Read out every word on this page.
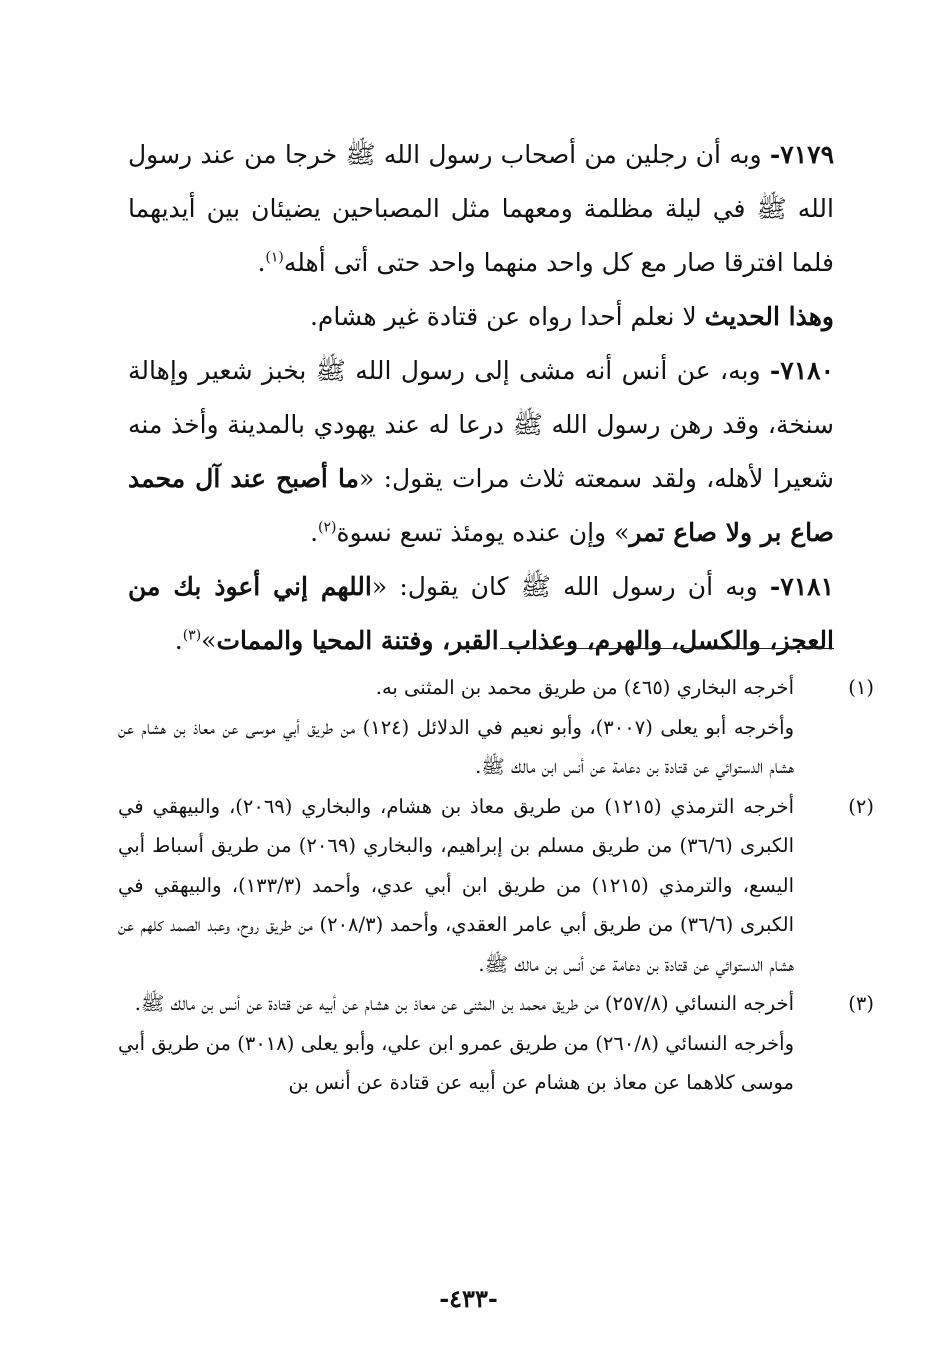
٧١٧٩- وبه أن رجلين من أصحاب رسول الله ﷺ خرجا من عند رسول الله ﷺ في ليلة مظلمة ومعهما مثل المصباحين يضيئان بين أيديهما فلما افترقا صار مع كل واحد منهما واحد حتى أتى أهله$^{(١)}$.

وهذا الحديث لا نعلم أحدا رواه عن قتادة غير هشام.

٧١٨٠- وبه، عن أنس أنه مشى إلى رسول الله ﷺ بخبز شعير وإهالة سنخة، وقد رهن رسول الله ﷺ درعا له عند يهودي بالمدينة وأخذ منه شعيرا لأهله، ولقد سمعته ثلاث مرات يقول: «ما أصبح عند آل محمد صاع بر ولا صاع تمر» وإن عنده يومئذ تسع نسوة$^{(٢)}$.

٧١٨١- وبه أن رسول الله ﷺ كان يقول: «اللهم إني أعوذ بك من العجز، والكسل، والهرم، وعذاب القبر، وفتنة المحيا والممات»$^{(٣)}$.

(١)أخرجه البخاري (٤٦٥) من طريق محمد بن المثنى به.

وأخرجه أبو يعلى (٣٠٠٧)، وأبو نعيم في الدلائل (١٢٤) من طريق أبي موسى عن معاذ بن هشام عن هشام الدستوائي عن قتادة بن دعامة عن أنس ابن مالك ﷺ.

(٢)أخرجه الترمذي (١٢١٥) من طريق معاذ بن هشام، والبخاري (٢٠٦٩)، والبيهقي في الكبرى (٣٦/٦) من طريق مسلم بن إبراهيم، والبخاري (٢٠٦٩) من طريق أسباط أبي اليسع، والترمذي (١٢١٥) من طريق ابن أبي عدي، وأحمد (١٣٣/٣)، والبيهقي في الكبرى (٣٦/٦) من طريق أبي عامر العقدي، وأحمد (٢٠٨/٣) من طريق روح، وعبد الصمد كلهم عن هشام الدستوائي عن قتادة بن دعامة عن أنس بن مالك ﷺ.

(٣)أخرجه النسائي (٢٥٧/٨) من طريق محمد بن المثنى عن معاذ بن هشام عن أبيه عن قتادة عن أنس بن مالك ﷺ.

وأخرجه النسائي (٢٦٠/٨) من طريق عمرو ابن علي، وأبو يعلى (٣٠١٨) من طريق أبي موسى كلاهما عن معاذ بن هشام عن أبيه عن قتادة عن أنس بن

-٤٣٣-
